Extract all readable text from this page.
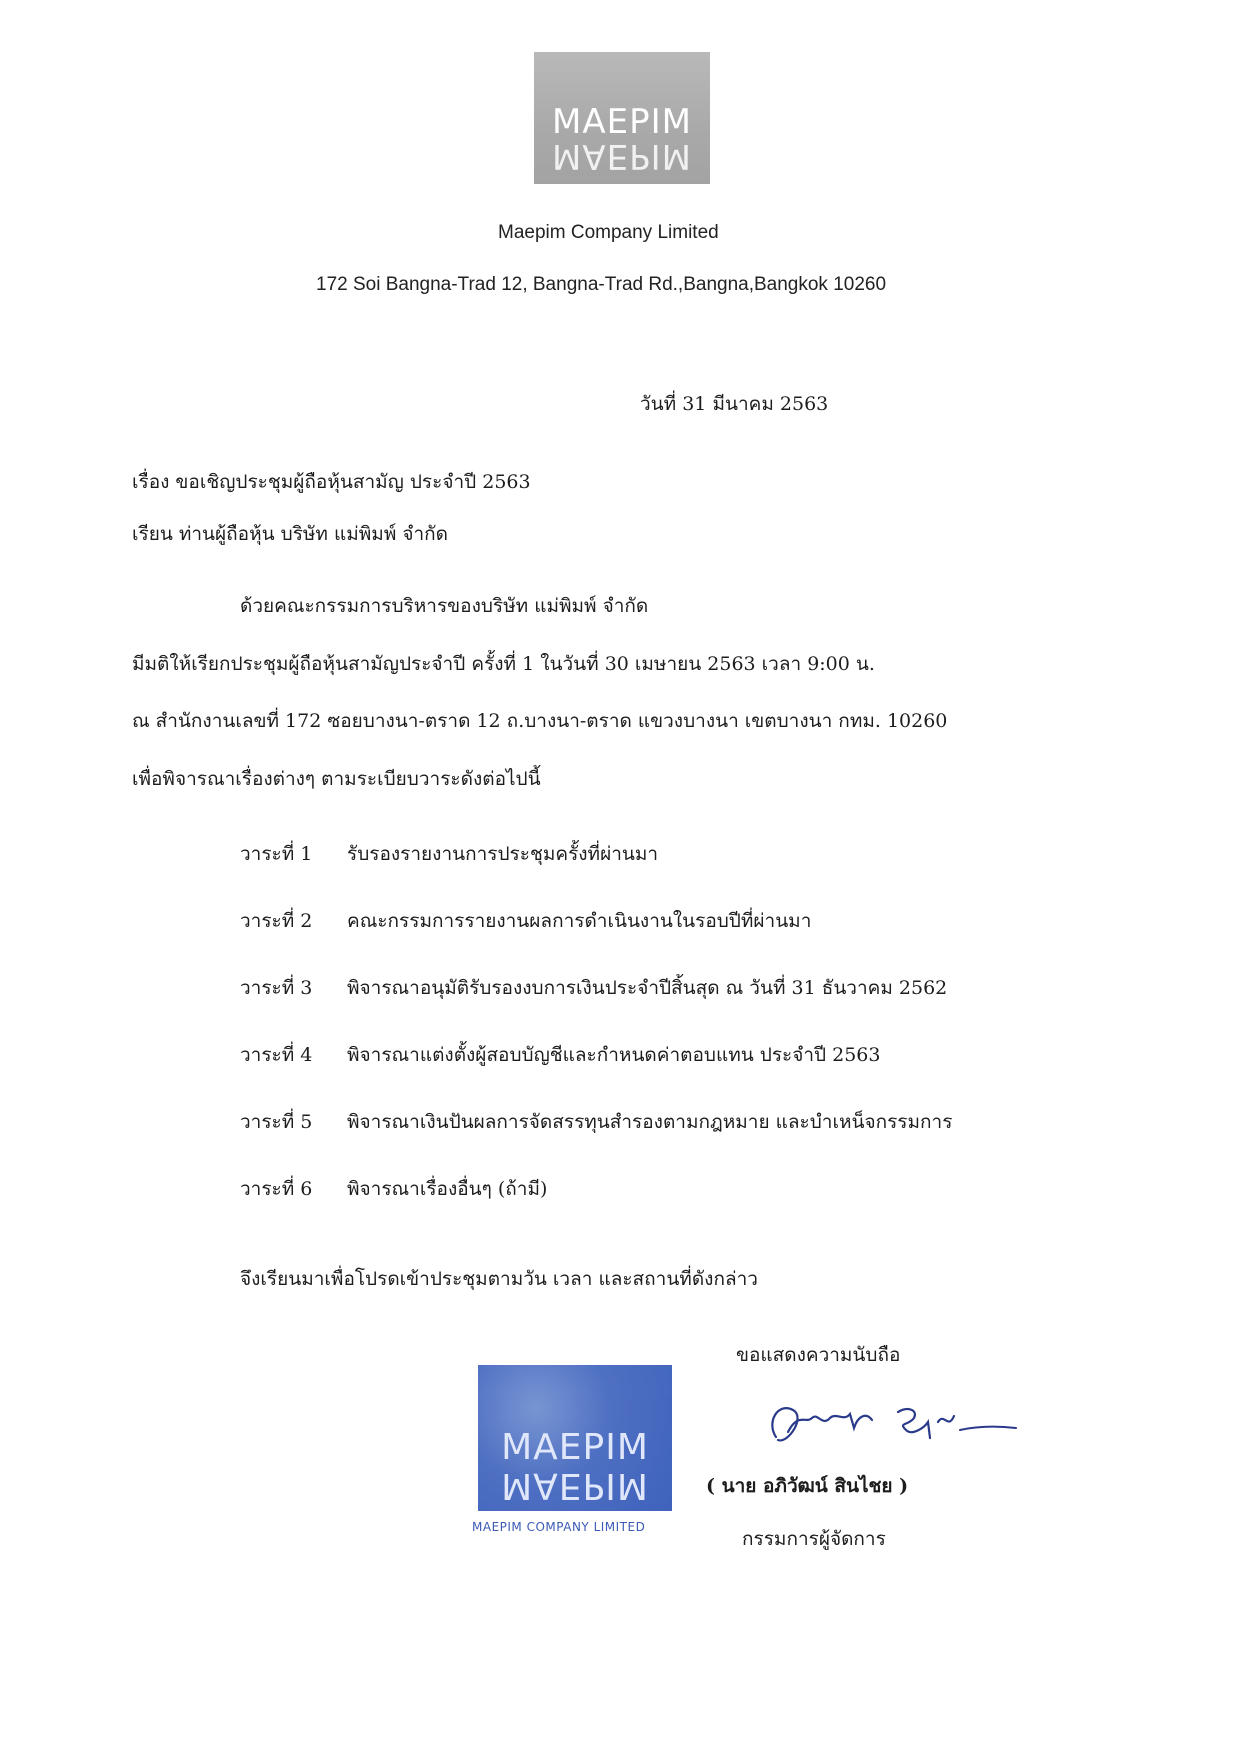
MAEPIM
MAEPIM
Maepim Company Limited
172 Soi Bangna-Trad 12, Bangna-Trad Rd.,Bangna,Bangkok 10260
วันที่ 31 มีนาคม 2563
เรื่อง ขอเชิญประชุมผู้ถือหุ้นสามัญ ประจำปี 2563
เรียน ท่านผู้ถือหุ้น บริษัท แม่พิมพ์ จำกัด
ด้วยคณะกรรมการบริหารของบริษัท แม่พิมพ์ จำกัด
มีมติให้เรียกประชุมผู้ถือหุ้นสามัญประจำปี ครั้งที่ 1 ในวันที่ 30 เมษายน 2563 เวลา 9:00 น.
ณ สำนักงานเลขที่ 172 ซอยบางนา-ตราด 12 ถ.บางนา-ตราด แขวงบางนา เขตบางนา กทม. 10260
เพื่อพิจารณาเรื่องต่างๆ ตามระเบียบวาระดังต่อไปนี้
วาระที่ 1 รับรองรายงานการประชุมครั้งที่ผ่านมา
วาระที่ 2 คณะกรรมการรายงานผลการดำเนินงานในรอบปีที่ผ่านมา
วาระที่ 3 พิจารณาอนุมัติรับรองงบการเงินประจำปีสิ้นสุด ณ วันที่ 31 ธันวาคม 2562
วาระที่ 4 พิจารณาแต่งตั้งผู้สอบบัญชีและกำหนดค่าตอบแทน ประจำปี 2563
วาระที่ 5 พิจารณาเงินปันผลการจัดสรรทุนสำรองตามกฎหมาย และบำเหน็จกรรมการ
วาระที่ 6 พิจารณาเรื่องอื่นๆ (ถ้ามี)
จึงเรียนมาเพื่อโปรดเข้าประชุมตามวัน เวลา และสถานที่ดังกล่าว
ขอแสดงความนับถือ
MAEPIM
MAEPIM
MAEPIM COMPANY LIMITED
( นาย อภิวัฒน์ สินไชย )
กรรมการผู้จัดการ
